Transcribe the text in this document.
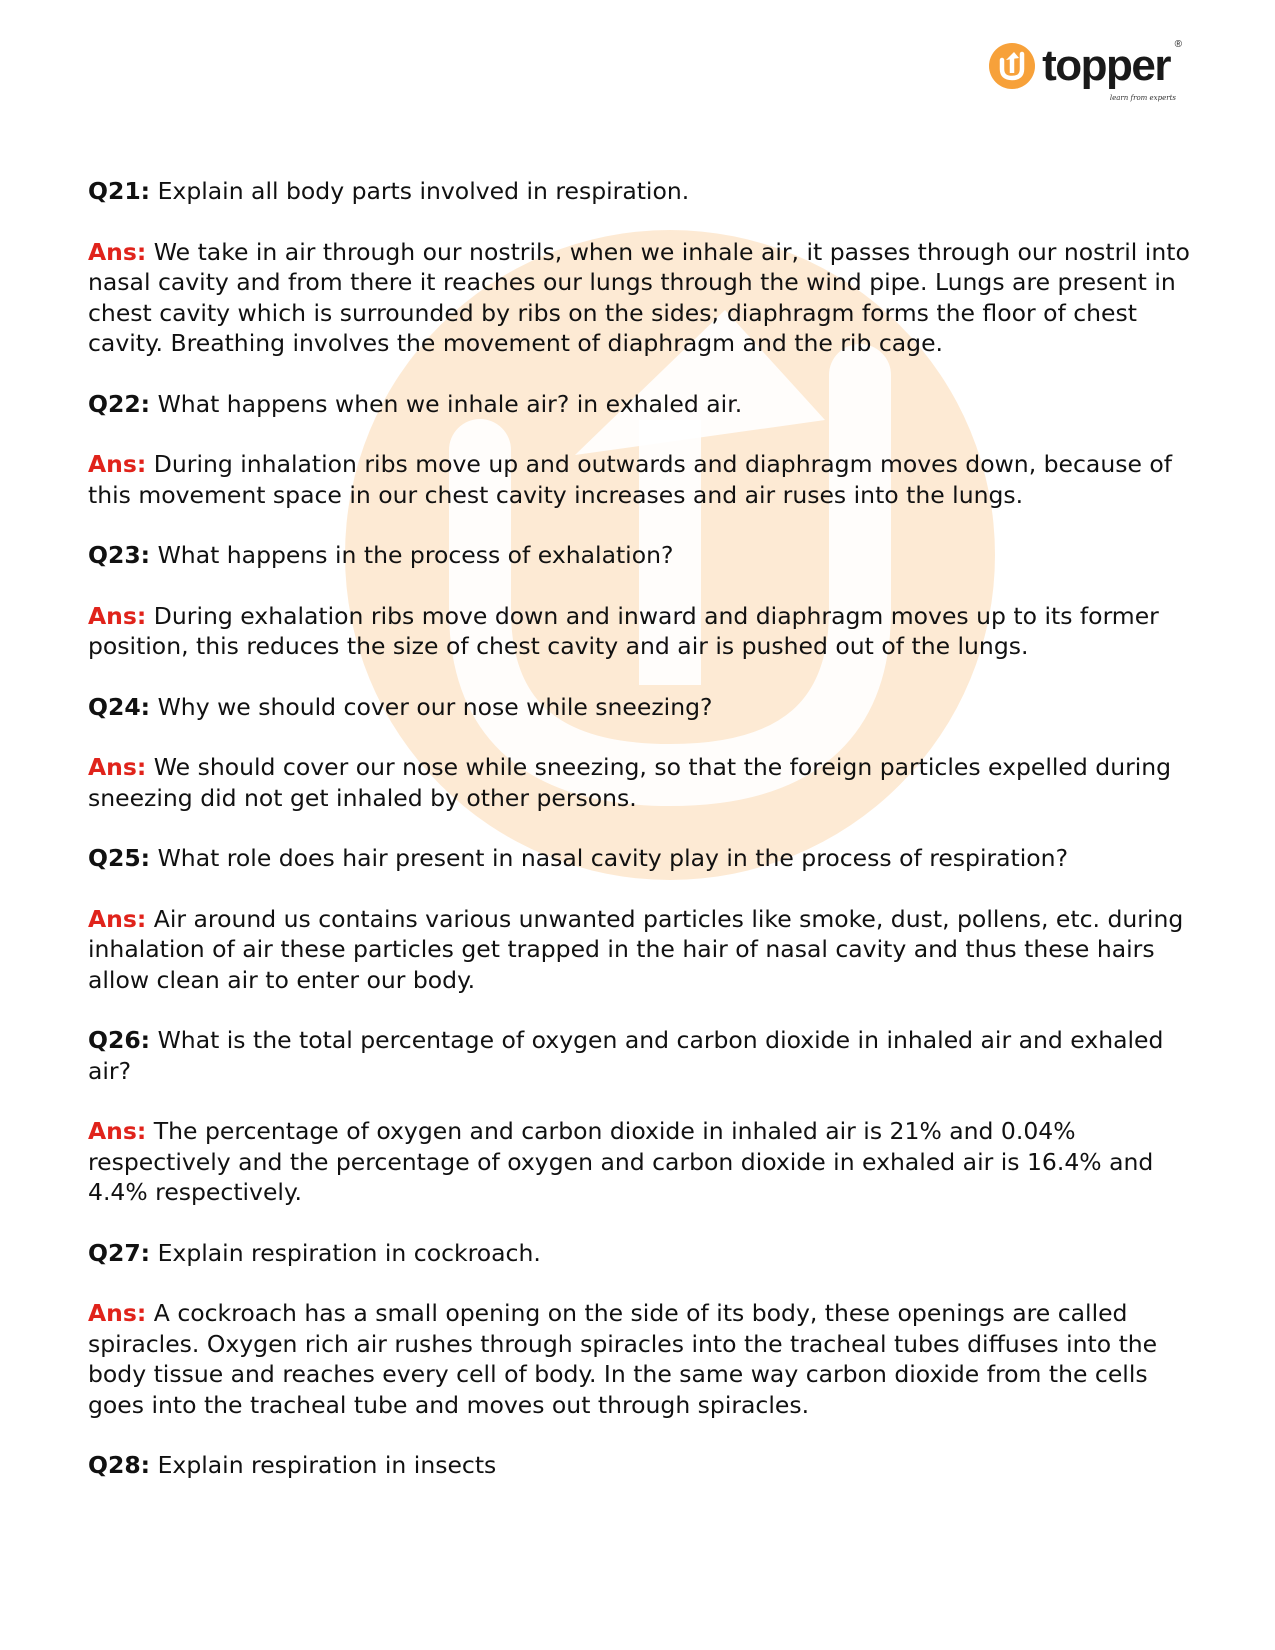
topper ®
learn from experts

Q21: Explain all body parts involved in respiration.

Ans: We take in air through our nostrils, when we inhale air, it passes through our nostril into nasal cavity and from there it reaches our lungs through the wind pipe. Lungs are present in chest cavity which is surrounded by ribs on the sides; diaphragm forms the floor of chest cavity. Breathing involves the movement of diaphragm and the rib cage.

Q22: What happens when we inhale air? in exhaled air.

Ans: During inhalation ribs move up and outwards and diaphragm moves down, because of this movement space in our chest cavity increases and air ruses into the lungs.

Q23: What happens in the process of exhalation?

Ans: During exhalation ribs move down and inward and diaphragm moves up to its former position, this reduces the size of chest cavity and air is pushed out of the lungs.

Q24: Why we should cover our nose while sneezing?

Ans: We should cover our nose while sneezing, so that the foreign particles expelled during sneezing did not get inhaled by other persons.

Q25: What role does hair present in nasal cavity play in the process of respiration?

Ans: Air around us contains various unwanted particles like smoke, dust, pollens, etc. during inhalation of air these particles get trapped in the hair of nasal cavity and thus these hairs allow clean air to enter our body.

Q26: What is the total percentage of oxygen and carbon dioxide in inhaled air and exhaled air?

Ans: The percentage of oxygen and carbon dioxide in inhaled air is 21% and 0.04% respectively and the percentage of oxygen and carbon dioxide in exhaled air is 16.4% and 4.4% respectively.

Q27: Explain respiration in cockroach.

Ans: A cockroach has a small opening on the side of its body, these openings are called spiracles. Oxygen rich air rushes through spiracles into the tracheal tubes diffuses into the body tissue and reaches every cell of body. In the same way carbon dioxide from the cells goes into the tracheal tube and moves out through spiracles.

Q28: Explain respiration in insects
